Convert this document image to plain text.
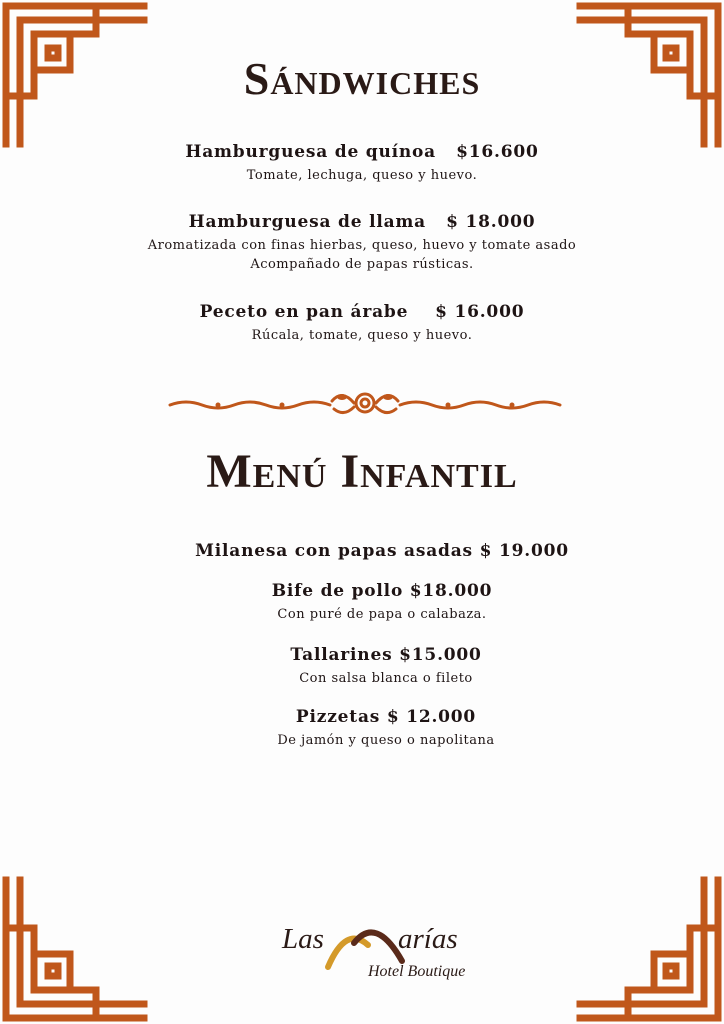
Sándwiches
Hamburguesa de quínoa   $16.600
Tomate, lechuga, queso y huevo.
Hamburguesa de llama   $ 18.000
Aromatizada con finas hierbas, queso, huevo y tomate asado
Acompañado de papas rústicas.
Peceto en pan árabe    $ 16.000
Rúcala, tomate, queso y huevo.
Menú Infantil
Milanesa con papas asadas $ 19.000
Bife de pollo $18.000
Con puré de papa o calabaza.
Tallarines $15.000
Con salsa blanca o fileto
Pizzetas $ 12.000
De jamón y queso o napolitana
Las	arías
Hotel Boutique
